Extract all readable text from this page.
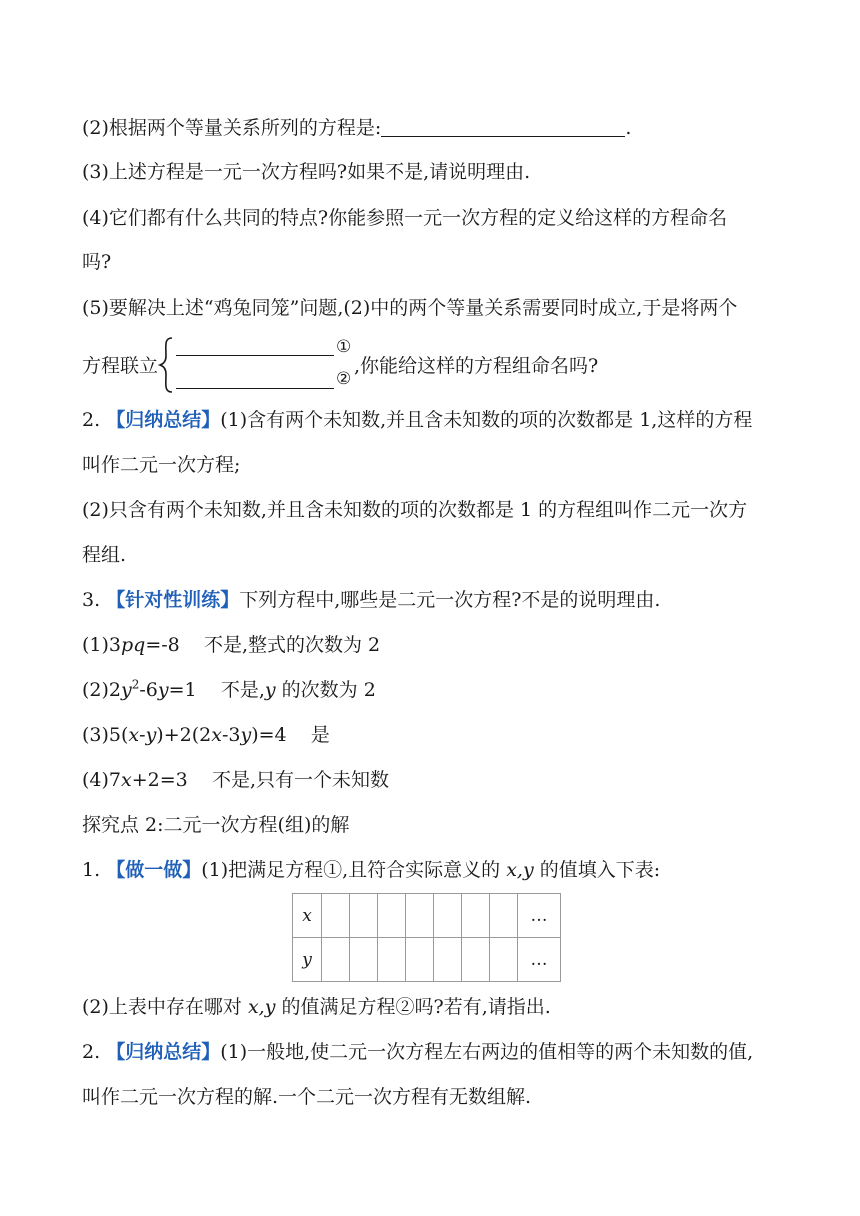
(2)根据两个等量关系所列的方程是:	.
(3)上述方程是一元一次方程吗?如果不是,请说明理由.
(4)它们都有什么共同的特点?你能参照一元一次方程的定义给这样的方程命名
吗?
(5)要解决上述“鸡兔同笼”问题,(2)中的两个等量关系需要同时成立,于是将两个
方程联立
①
②
,你能给这样的方程组命名吗?
2. 【归纳总结】(1)含有两个未知数,并且含未知数的项的次数都是 1,这样的方程
叫作二元一次方程;
(2)只含有两个未知数,并且含未知数的项的次数都是 1 的方程组叫作二元一次方
程组.
3. 【针对性训练】下列方程中,哪些是二元一次方程?不是的说明理由.
(1)3pq=-8 不是,整式的次数为 2
$(2)2y^2-6y=1$ 不是,y 的次数为 2
(3)5(x-y)+2(2x-3y)=4 是
(4)7x+2=3 不是,只有一个未知数
探究点 2:二元一次方程(组)的解
1. 【做一做】(1)把满足方程①,且符合实际意义的 x,y 的值填入下表:
x								…
y								…
(2)上表中存在哪对 x,y 的值满足方程②吗?若有,请指出.
2. 【归纳总结】(1)一般地,使二元一次方程左右两边的值相等的两个未知数的值,
叫作二元一次方程的解.一个二元一次方程有无数组解.
